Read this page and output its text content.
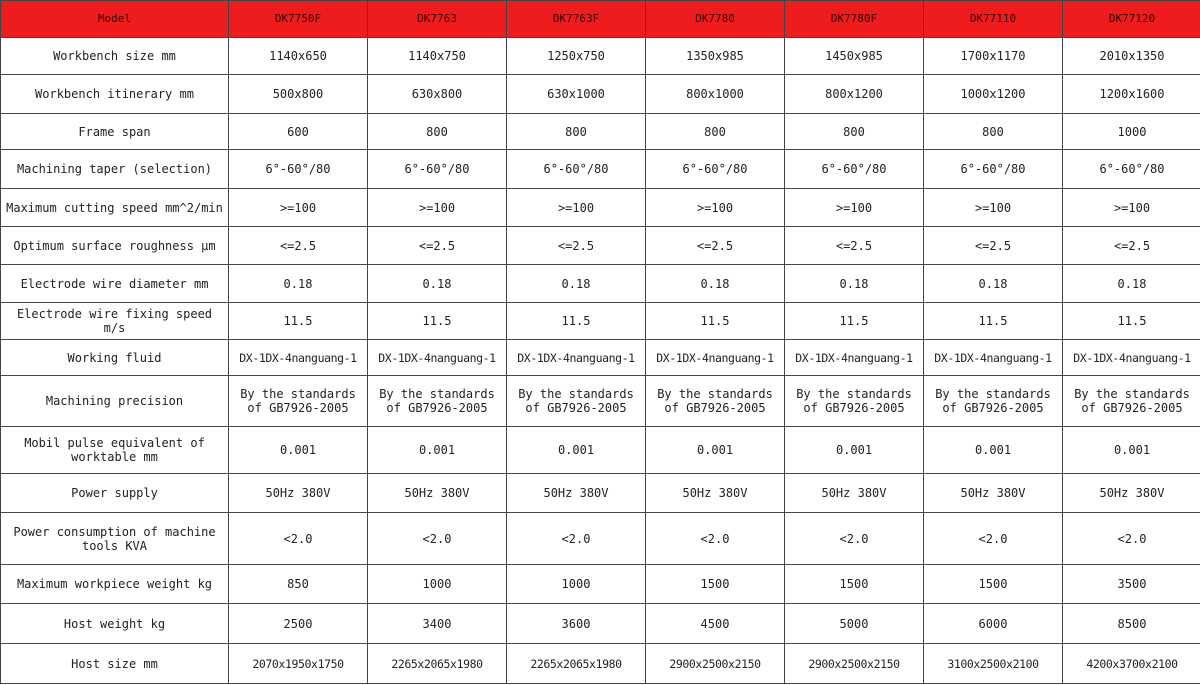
Model	DK7750F	DK7763	DK7763F	DK7780	DK7780F	DK77110	DK77120
Workbench size mm	1140x650	1140x750	1250x750	1350x985	1450x985	1700x1170	2010x1350
Workbench itinerary mm	500x800	630x800	630x1000	800x1000	800x1200	1000x1200	1200x1600
Frame span	600	800	800	800	800	800	1000
Machining taper (selection)	6°-60°/80	6°-60°/80	6°-60°/80	6°-60°/80	6°-60°/80	6°-60°/80	6°-60°/80
Maximum cutting speed mm^2/min	>=100	>=100	>=100	>=100	>=100	>=100	>=100
Optimum surface roughness μm	<=2.5	<=2.5	<=2.5	<=2.5	<=2.5	<=2.5	<=2.5
Electrode wire diameter mm	0.18	0.18	0.18	0.18	0.18	0.18	0.18
Electrode wire fixing speed m/s	11.5	11.5	11.5	11.5	11.5	11.5	11.5
Working fluid	DX-1DX-4nanguang-1	DX-1DX-4nanguang-1	DX-1DX-4nanguang-1	DX-1DX-4nanguang-1	DX-1DX-4nanguang-1	DX-1DX-4nanguang-1	DX-1DX-4nanguang-1
Machining precision	By the standards of GB7926-2005	By the standards of GB7926-2005	By the standards of GB7926-2005	By the standards of GB7926-2005	By the standards of GB7926-2005	By the standards of GB7926-2005	By the standards of GB7926-2005
Mobil pulse equivalent of worktable mm	0.001	0.001	0.001	0.001	0.001	0.001	0.001
Power supply	50Hz 380V	50Hz 380V	50Hz 380V	50Hz 380V	50Hz 380V	50Hz 380V	50Hz 380V
Power consumption of machine tools KVA	<2.0	<2.0	<2.0	<2.0	<2.0	<2.0	<2.0
Maximum workpiece weight kg	850	1000	1000	1500	1500	1500	3500
Host weight kg	2500	3400	3600	4500	5000	6000	8500
Host size mm	2070x1950x1750	2265x2065x1980	2265x2065x1980	2900x2500x2150	2900x2500x2150	3100x2500x2100	4200x3700x2100
